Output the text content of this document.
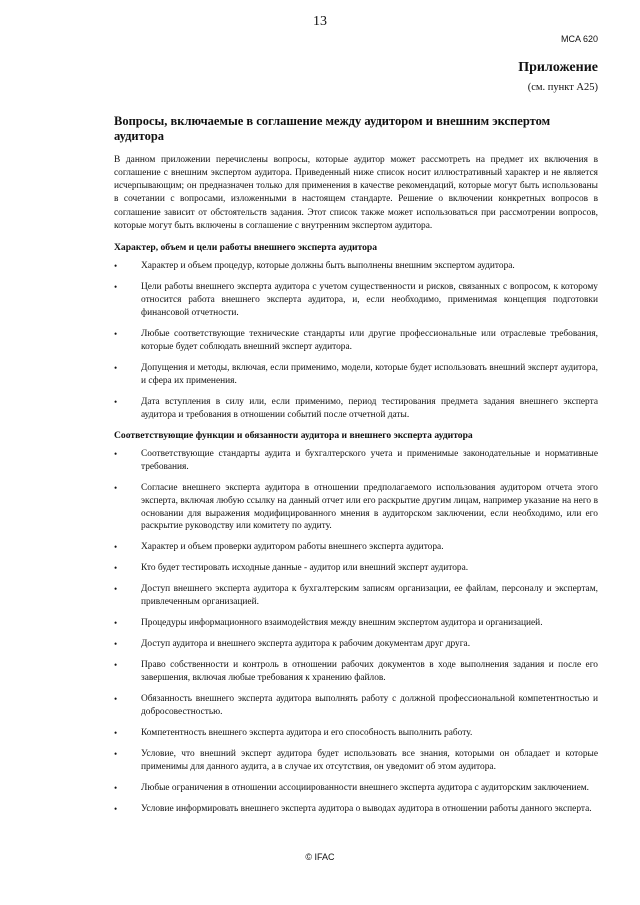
13
MCA 620
Приложение
(см. пункт A25)
Вопросы, включаемые в соглашение между аудитором и внешним экспертом аудитора

В данном приложении перечислены вопросы, которые аудитор может рассмотреть на предмет их включения в соглашение с внешним экспертом аудитора. Приведенный ниже список носит иллюстративный характер и не является исчерпывающим; он предназначен только для применения в качестве рекомендаций, которые могут быть использованы в сочетании с вопросами, изложенными в настоящем стандарте. Решение о включении конкретных вопросов в соглашение зависит от обстоятельств задания. Этот список также может использоваться при рассмотрении вопросов, которые могут быть включены в соглашение с внутренним экспертом аудитора.

Характер, объем и цели работы внешнего эксперта аудитора
•	Характер и объем процедур, которые должны быть выполнены внешним экспертом аудитора.
•	Цели работы внешнего эксперта аудитора с учетом существенности и рисков, связанных с вопросом, к которому относится работа внешнего эксперта аудитора, и, если необходимо, применимая концепция подготовки финансовой отчетности.
•	Любые соответствующие технические стандарты или другие профессиональные или отраслевые требования, которые будет соблюдать внешний эксперт аудитора.
•	Допущения и методы, включая, если применимо, модели, которые будет использовать внешний эксперт аудитора, и сфера их применения.
•	Дата вступления в силу или, если применимо, период тестирования предмета задания внешнего эксперта аудитора и требования в отношении событий после отчетной даты.
Соответствующие функции и обязанности аудитора и внешнего эксперта аудитора
•	Соответствующие стандарты аудита и бухгалтерского учета и применимые законодательные и нормативные требования.
•	Согласие внешнего эксперта аудитора в отношении предполагаемого использования аудитором отчета этого эксперта, включая любую ссылку на данный отчет или его раскрытие другим лицам, например указание на него в основании для выражения модифицированного мнения в аудиторском заключении, если необходимо, или его раскрытие руководству или комитету по аудиту.
•	Характер и объем проверки аудитором работы внешнего эксперта аудитора.
•	Кто будет тестировать исходные данные - аудитор или внешний эксперт аудитора.
•	Доступ внешнего эксперта аудитора к бухгалтерским записям организации, ее файлам, персоналу и экспертам, привлеченным организацией.
•	Процедуры информационного взаимодействия между внешним экспертом аудитора и организацией.
•	Доступ аудитора и внешнего эксперта аудитора к рабочим документам друг друга.
•	Право собственности и контроль в отношении рабочих документов в ходе выполнения задания и после его завершения, включая любые требования к хранению файлов.
•	Обязанность внешнего эксперта аудитора выполнять работу с должной профессиональной компетентностью и добросовестностью.
•	Компетентность внешнего эксперта аудитора и его способность выполнить работу.
•	Условие, что внешний эксперт аудитора будет использовать все знания, которыми он обладает и которые применимы для данного аудита, а в случае их отсутствия, он уведомит об этом аудитора.
•	Любые ограничения в отношении ассоциированности внешнего эксперта аудитора с аудиторским заключением.
•	Условие информировать внешнего эксперта аудитора о выводах аудитора в отношении работы данного эксперта.
© IFAC
